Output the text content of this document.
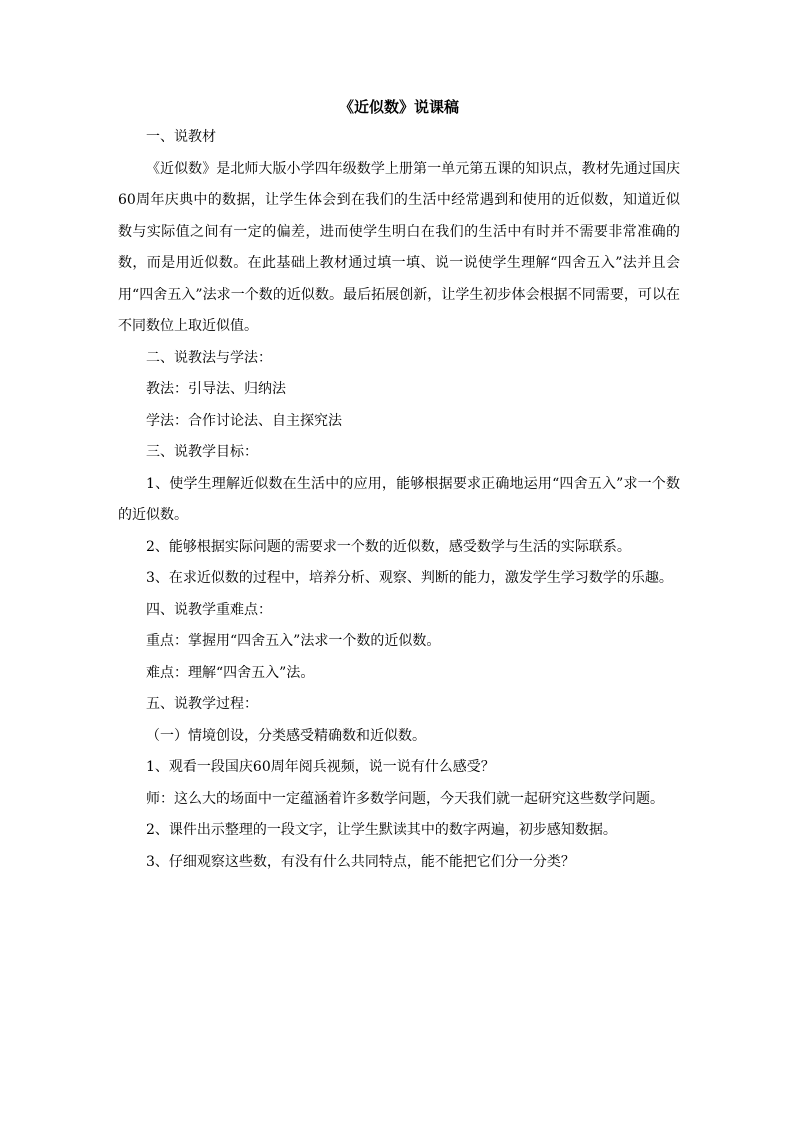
《近似数》说课稿

一、说教材

《近似数》是北师大版小学四年级数学上册第一单元第五课的知识点，教材先通过国庆60周年庆典中的数据，让学生体会到在我们的生活中经常遇到和使用的近似数，知道近似数与实际值之间有一定的偏差，进而使学生明白在我们的生活中有时并不需要非常准确的数，而是用近似数。在此基础上教材通过填一填、说一说使学生理解“四舍五入”法并且会用“四舍五入”法求一个数的近似数。最后拓展创新，让学生初步体会根据不同需要，可以在不同数位上取近似值。

二、说教法与学法：

教法：引导法、归纳法

学法：合作讨论法、自主探究法

三、说教学目标：

1、使学生理解近似数在生活中的应用，能够根据要求正确地运用“四舍五入”求一个数的近似数。

2、能够根据实际问题的需要求一个数的近似数，感受数学与生活的实际联系。

3、在求近似数的过程中，培养分析、观察、判断的能力，激发学生学习数学的乐趣。

四、说教学重难点：

重点：掌握用“四舍五入”法求一个数的近似数。

难点：理解“四舍五入”法。

五、说教学过程：

（一）情境创设，分类感受精确数和近似数。

1、观看一段国庆60周年阅兵视频，说一说有什么感受？

师：这么大的场面中一定蕴涵着许多数学问题，今天我们就一起研究这些数学问题。

2、课件出示整理的一段文字，让学生默读其中的数字两遍，初步感知数据。

3、仔细观察这些数，有没有什么共同特点，能不能把它们分一分类？
